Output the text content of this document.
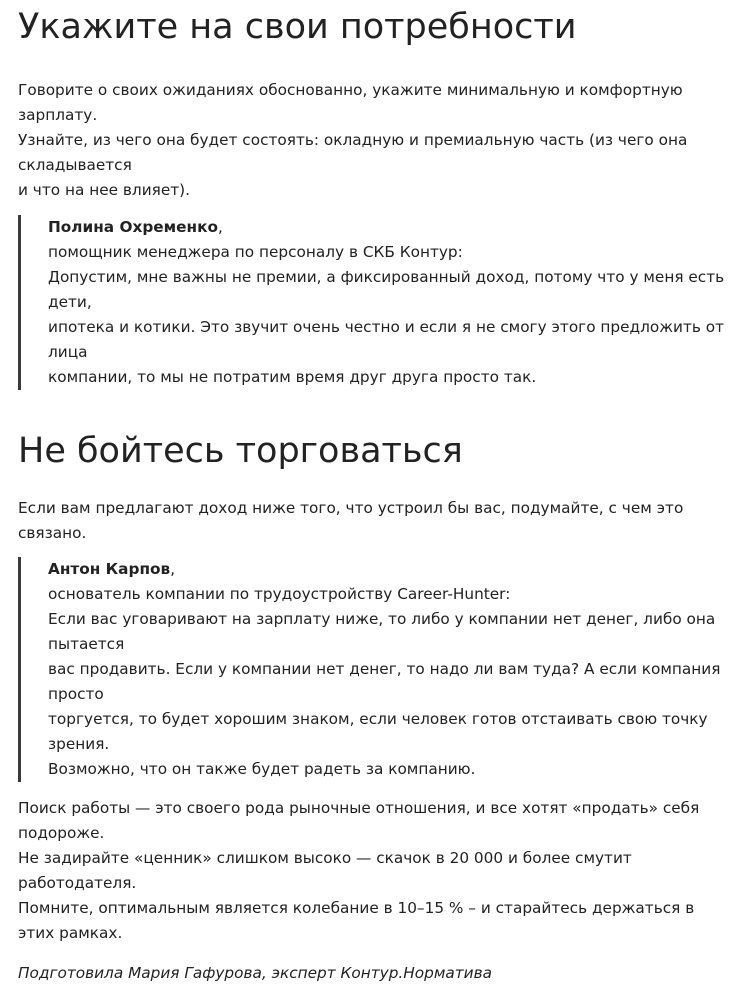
Укажите на свои потребности

Говорите о своих ожиданиях обоснованно, укажите минимальную и комфортную зарплату.
Узнайте, из чего она будет состоять: окладную и премиальную часть (из чего она складывается
и что на нее влияет).

Полина Охременко,
помощник менеджера по персоналу в СКБ Контур:
Допустим, мне важны не премии, а фиксированный доход, потому что у меня есть дети,
ипотека и котики. Это звучит очень честно и если я не смогу этого предложить от лица
компании, то мы не потратим время друг друга просто так.
Не бойтесь торговаться

Если вам предлагают доход ниже того, что устроил бы вас, подумайте, с чем это связано.

Антон Карпов,
основатель компании по трудоустройству Career-Hunter:
Если вас уговаривают на зарплату ниже, то либо у компании нет денег, либо она пытается
вас продавить. Если у компании нет денег, то надо ли вам туда? А если компания просто
торгуется, то будет хорошим знаком, если человек готов отстаивать свою точку зрения.
Возможно, что он также будет радеть за компанию.

Поиск работы — это своего рода рыночные отношения, и все хотят «продать» себя подороже.
Не задирайте «ценник» слишком высоко — скачок в 20 000 и более смутит работодателя.
Помните, оптимальным является колебание в 10–15 % – и старайтесь держаться в этих рамках.

Подготовила Мария Гафурова, эксперт Контур.Норматива
